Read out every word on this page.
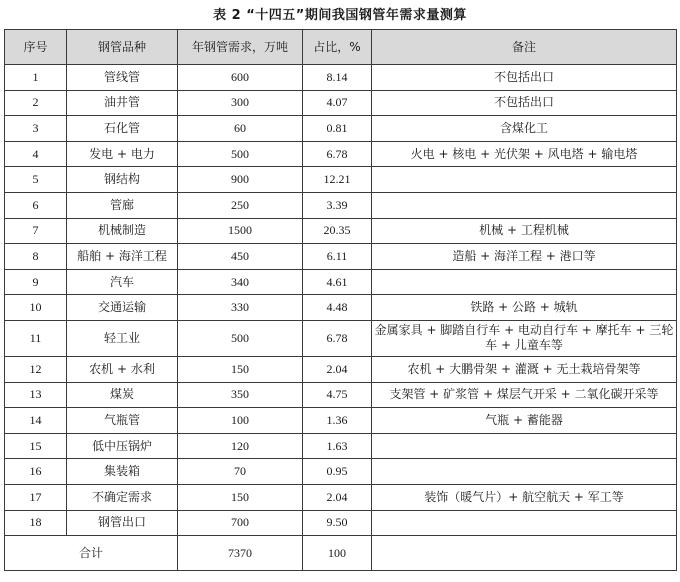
表 2 “十四五”期间我国钢管年需求量测算
序号	钢管品种	年钢管需求，万吨	占比，%	备注
1	管线管	600	8.14	不包括出口
2	油井管	300	4.07	不包括出口
3	石化管	60	0.81	含煤化工
4	发电 + 电力	500	6.78	火电 + 核电 + 光伏架 + 风电塔 + 输电塔
5	钢结构	900	12.21	
6	管廊	250	3.39	
7	机械制造	1500	20.35	机械 + 工程机械
8	船舶 + 海洋工程	450	6.11	造船 + 海洋工程 + 港口等
9	汽车	340	4.61	
10	交通运输	330	4.48	铁路 + 公路 + 城轨
11	轻工业	500	6.78	金属家具 + 脚踏自行车 + 电动自行车 + 摩托车 + 三轮车 + 儿童车等
12	农机 + 水利	150	2.04	农机 + 大鹏骨架 + 灌溉 + 无土栽培骨架等
13	煤炭	350	4.75	支架管 + 矿浆管 + 煤层气开采 + 二氧化碳开采等
14	气瓶管	100	1.36	气瓶 + 蓄能器
15	低中压锅炉	120	1.63	
16	集装箱	70	0.95	
17	不确定需求	150	2.04	装饰（暖气片）+ 航空航天 + 军工等
18	钢管出口	700	9.50	
合计		7370	100	
